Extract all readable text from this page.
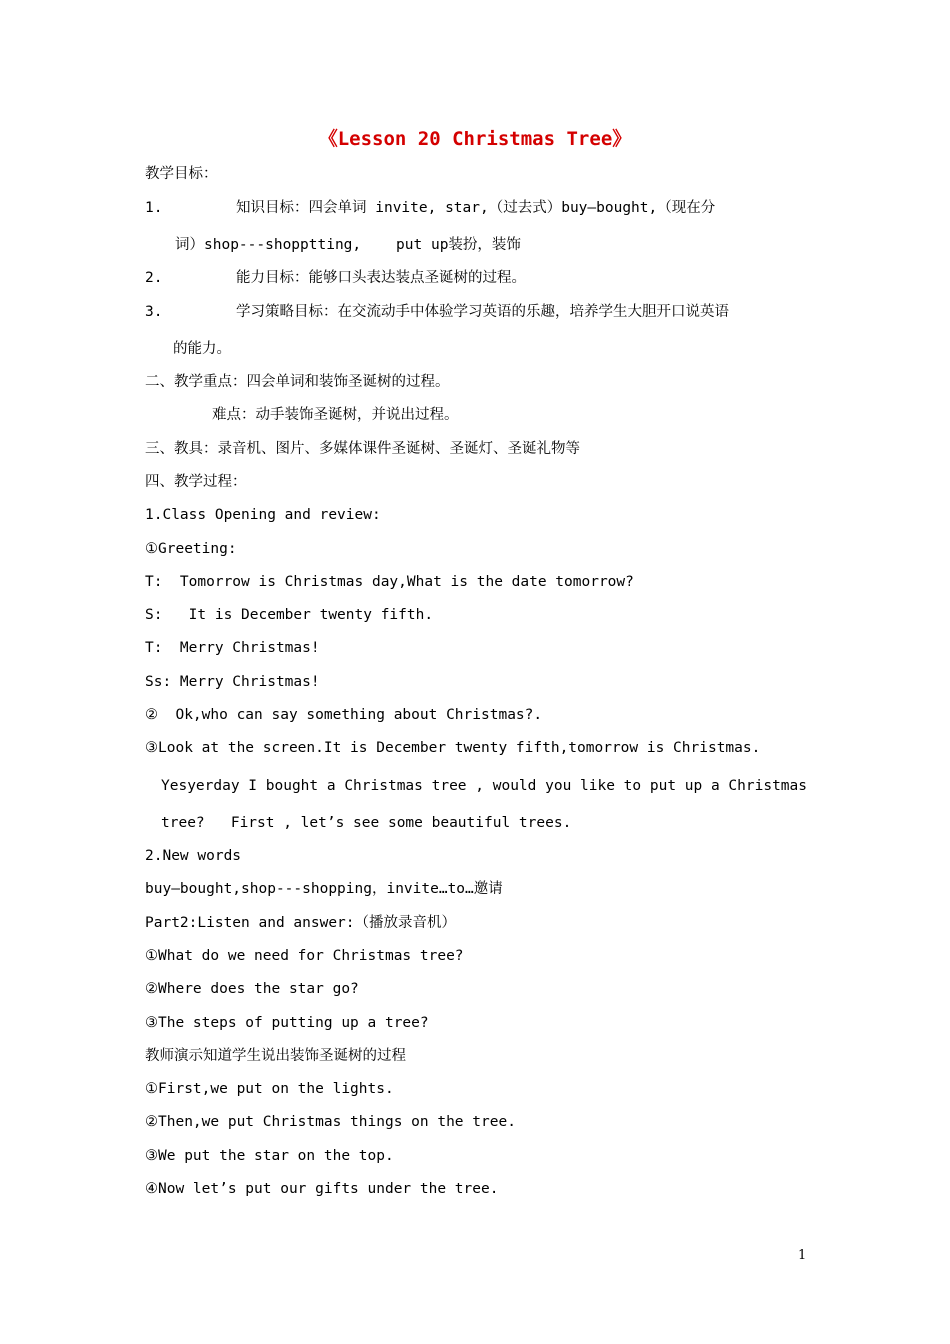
《Lesson 20 Christmas Tree》
教学目标：
1.	知识目标：四会单词 invite, star,（过去式）buy—bought,（现在分
词）shop---shopptting,    put up装扮，装饰
2.	能力目标：能够口头表达装点圣诞树的过程。
3.	学习策略目标：在交流动手中体验学习英语的乐趣，培养学生大胆开口说英语
的能力。
二、教学重点：四会单词和装饰圣诞树的过程。
难点：动手装饰圣诞树，并说出过程。
三、教具：录音机、图片、多媒体课件圣诞树、圣诞灯、圣诞礼物等
四、教学过程：
1.Class Opening and review:
①Greeting:
T:  Tomorrow is Christmas day,What is the date tomorrow?
S:   It is December twenty fifth.
T:  Merry Christmas!
Ss: Merry Christmas!
②  Ok,who can say something about Christmas?.
③Look at the screen.It is December twenty fifth,tomorrow is Christmas.
Yesyerday I bought a Christmas tree , would you like to put up a Christmas
tree?   First , let’s see some beautiful trees.
2.New words
buy—bought,shop---shopping，invite…to…邀请
Part2:Listen and answer:（播放录音机）
①What do we need for Christmas tree?
②Where does the star go?
③The steps of putting up a tree?
教师演示知道学生说出装饰圣诞树的过程
①First,we put on the lights.
②Then,we put Christmas things on the tree.
③We put the star on the top.
④Now let’s put our gifts under the tree.
1
